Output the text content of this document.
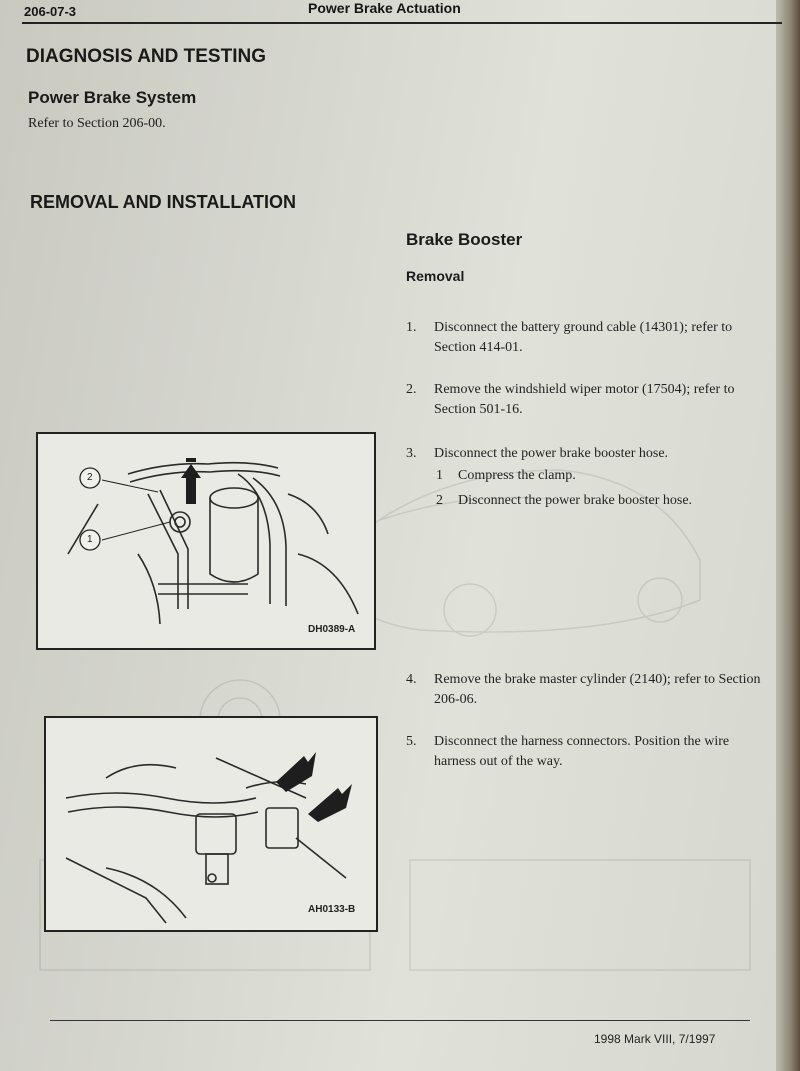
206-07-3	Power Brake Actuation
DIAGNOSIS AND TESTING
Power Brake System
Refer to Section 206-00.
REMOVAL AND INSTALLATION
2
1
DH0389-A
AH0133-B
Brake Booster
Removal
1. Disconnect the battery ground cable (14301); refer to Section 414-01.
2. Remove the windshield wiper motor (17504); refer to Section 501-16.
3. Disconnect the power brake booster hose.
1 Compress the clamp.
2 Disconnect the power brake booster hose.
4. Remove the brake master cylinder (2140); refer to Section 206-06.
5. Disconnect the harness connectors. Position the wire harness out of the way.
1998 Mark VIII, 7/1997
